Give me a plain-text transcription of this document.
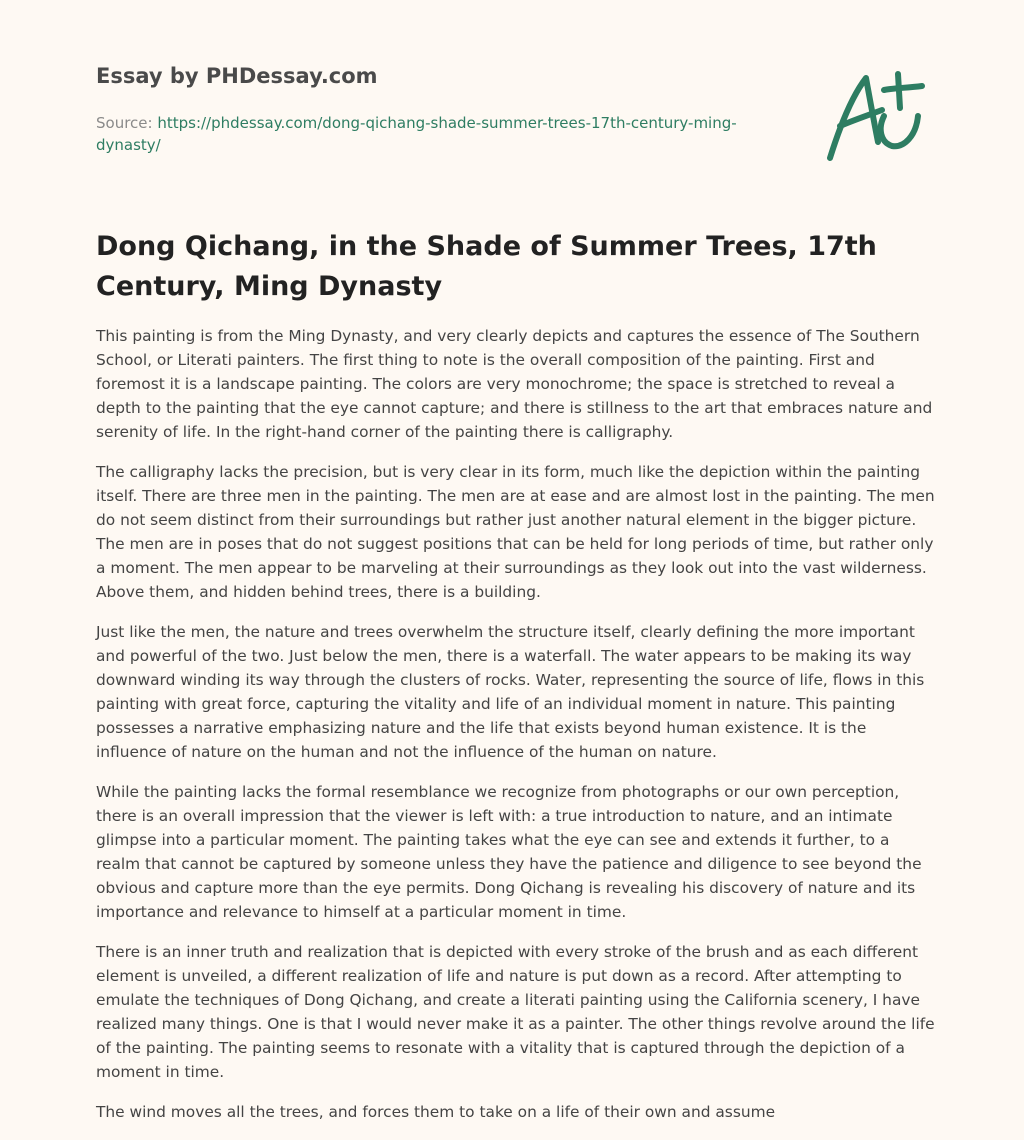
Essay by PHDessay.com
Source: https://phdessay.com/dong-qichang-shade-summer-trees-17th-century-ming-dynasty/
Dong Qichang, in the Shade of Summer Trees, 17th Century, Ming Dynasty

This painting is from the Ming Dynasty, and very clearly depicts and captures the essence of The Southern School, or Literati painters. The first thing to note is the overall composition of the painting. First and foremost it is a landscape painting. The colors are very monochrome; the space is stretched to reveal a depth to the painting that the eye cannot capture; and there is stillness to the art that embraces nature and serenity of life. In the right-hand corner of the painting there is calligraphy.

The calligraphy lacks the precision, but is very clear in its form, much like the depiction within the painting itself. There are three men in the painting. The men are at ease and are almost lost in the painting. The men do not seem distinct from their surroundings but rather just another natural element in the bigger picture. The men are in poses that do not suggest positions that can be held for long periods of time, but rather only a moment. The men appear to be marveling at their surroundings as they look out into the vast wilderness. Above them, and hidden behind trees, there is a building.

Just like the men, the nature and trees overwhelm the structure itself, clearly defining the more important and powerful of the two. Just below the men, there is a waterfall. The water appears to be making its way downward winding its way through the clusters of rocks. Water, representing the source of life, flows in this painting with great force, capturing the vitality and life of an individual moment in nature. This painting possesses a narrative emphasizing nature and the life that exists beyond human existence. It is the influence of nature on the human and not the influence of the human on nature.

While the painting lacks the formal resemblance we recognize from photographs or our own perception, there is an overall impression that the viewer is left with: a true introduction to nature, and an intimate glimpse into a particular moment. The painting takes what the eye can see and extends it further, to a realm that cannot be captured by someone unless they have the patience and diligence to see beyond the obvious and capture more than the eye permits. Dong Qichang is revealing his discovery of nature and its importance and relevance to himself at a particular moment in time.

There is an inner truth and realization that is depicted with every stroke of the brush and as each different element is unveiled, a different realization of life and nature is put down as a record. After attempting to emulate the techniques of Dong Qichang, and create a literati painting using the California scenery, I have realized many things. One is that I would never make it as a painter. The other things revolve around the life of the painting. The painting seems to resonate with a vitality that is captured through the depiction of a moment in time.

The wind moves all the trees, and forces them to take on a life of their own and assume
